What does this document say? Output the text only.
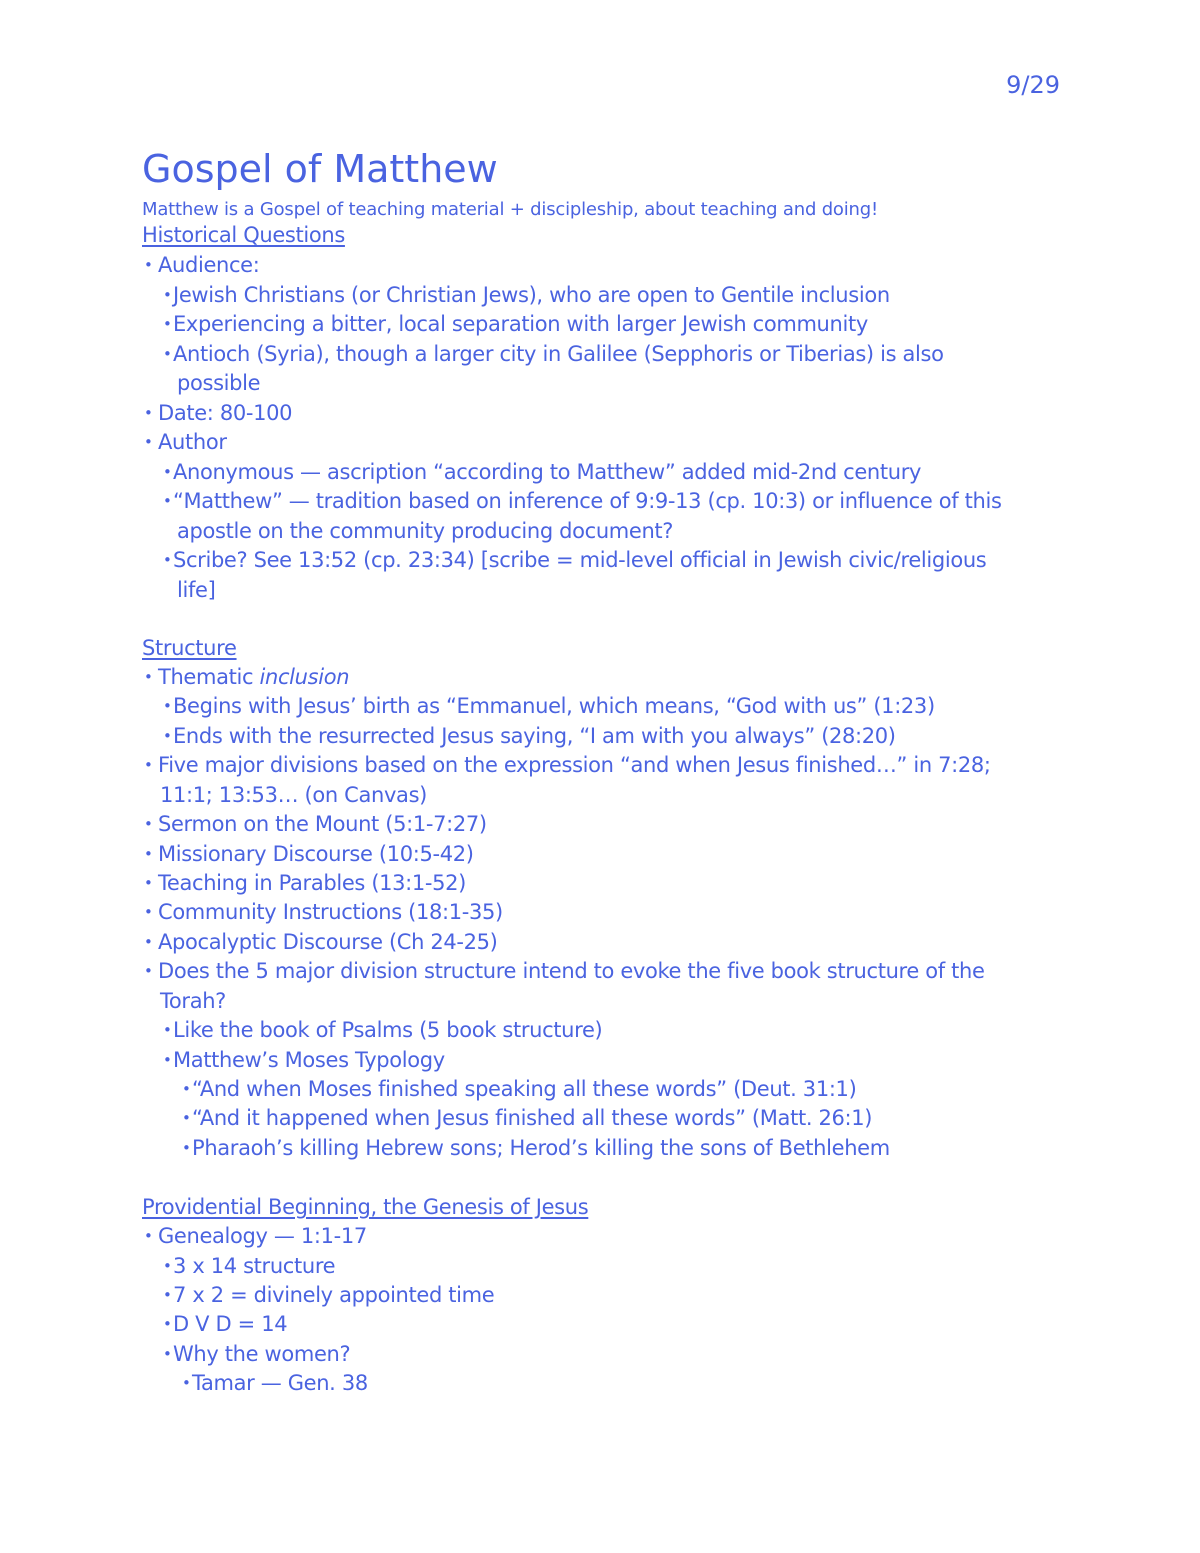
9/29
Gospel of Matthew
Matthew is a Gospel of teaching material + discipleship, about teaching and doing!
Historical Questions
• Audience:
•Jewish Christians (or Christian Jews), who are open to Gentile inclusion
•Experiencing a bitter, local separation with larger Jewish community
•Antioch (Syria), though a larger city in Galilee (Sepphoris or Tiberias) is also
possible
• Date: 80-100
• Author
•Anonymous — ascription “according to Matthew” added mid-2nd century
•“Matthew” — tradition based on inference of 9:9-13 (cp. 10:3) or influence of this
apostle on the community producing document?
•Scribe? See 13:52 (cp. 23:34) [scribe = mid-level official in Jewish civic/religious
life]
Structure
• Thematic inclusion
•Begins with Jesus’ birth as “Emmanuel, which means, “God with us” (1:23)
•Ends with the resurrected Jesus saying, “I am with you always” (28:20)
• Five major divisions based on the expression “and when Jesus finished…” in 7:28;
11:1; 13:53… (on Canvas)
• Sermon on the Mount (5:1-7:27)
• Missionary Discourse (10:5-42)
• Teaching in Parables (13:1-52)
• Community Instructions (18:1-35)
• Apocalyptic Discourse (Ch 24-25)
• Does the 5 major division structure intend to evoke the five book structure of the
Torah?
•Like the book of Psalms (5 book structure)
•Matthew’s Moses Typology
•“And when Moses finished speaking all these words” (Deut. 31:1)
•“And it happened when Jesus finished all these words” (Matt. 26:1)
•Pharaoh’s killing Hebrew sons; Herod’s killing the sons of Bethlehem
Providential Beginning, the Genesis of Jesus
• Genealogy — 1:1-17
•3 x 14 structure
•7 x 2 = divinely appointed time
•D V D = 14
•Why the women?
•Tamar — Gen. 38
